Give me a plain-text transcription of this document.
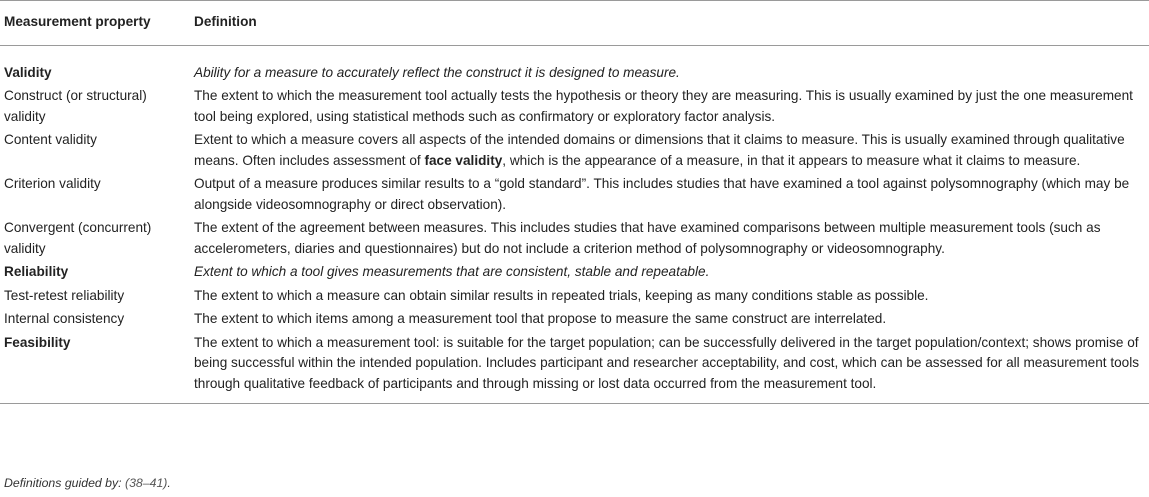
Measurement property	Definition
Validity	Ability for a measure to accurately reflect the construct it is designed to measure.
Construct (or structural) validity	The extent to which the measurement tool actually tests the hypothesis or theory they are measuring. This is usually examined by just the one measurement tool being explored, using statistical methods such as confirmatory or exploratory factor analysis.
Content validity	Extent to which a measure covers all aspects of the intended domains or dimensions that it claims to measure. This is usually examined through qualitative means. Often includes assessment of face validity, which is the appearance of a measure, in that it appears to measure what it claims to measure.
Criterion validity	Output of a measure produces similar results to a “gold standard”. This includes studies that have examined a tool against polysomnography (which may be alongside videosomnography or direct observation).
Convergent (concurrent) validity	The extent of the agreement between measures. This includes studies that have examined comparisons between multiple measurement tools (such as accelerometers, diaries and questionnaires) but do not include a criterion method of polysomnography or videosomnography.
Reliability	Extent to which a tool gives measurements that are consistent, stable and repeatable.
Test-retest reliability	The extent to which a measure can obtain similar results in repeated trials, keeping as many conditions stable as possible.
Internal consistency	The extent to which items among a measurement tool that propose to measure the same construct are interrelated.
Feasibility	The extent to which a measurement tool: is suitable for the target population; can be successfully delivered in the target population/context; shows promise of being successful within the intended population. Includes participant and researcher acceptability, and cost, which can be assessed for all measurement tools through qualitative feedback of participants and through missing or lost data occurred from the measurement tool.
Definitions guided by: (38–41).
